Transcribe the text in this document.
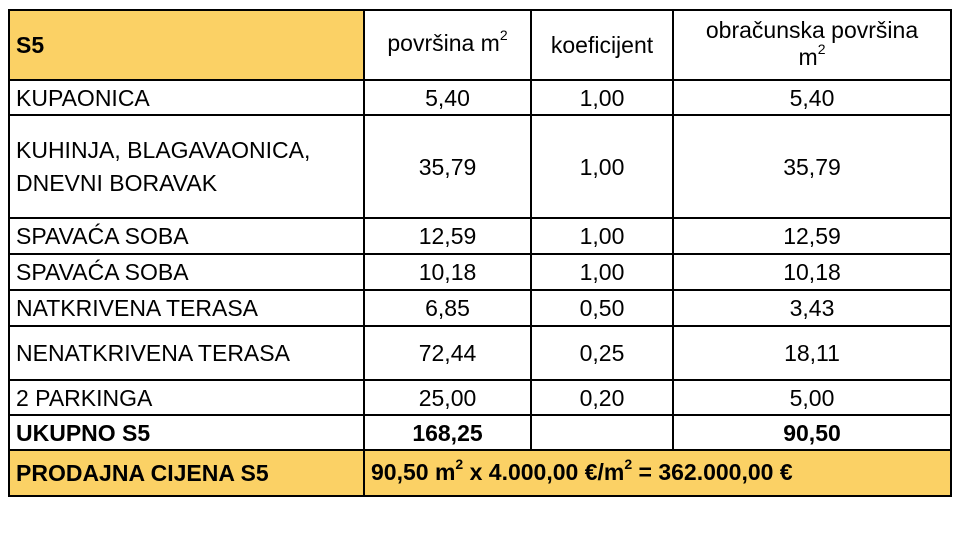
S5	površina $m^2$	koeficijent	obračunska površina
$m^2$
KUPAONICA	5,40	1,00	5,40
KUHINJA, BLAGAVAONICA, DNEVNI BORAVAK	35,79	1,00	35,79
SPAVAĆA SOBA	12,59	1,00	12,59
SPAVAĆA SOBA	10,18	1,00	10,18
NATKRIVENA TERASA	6,85	0,50	3,43
NENATKRIVENA TERASA	72,44	0,25	18,11
2 PARKINGA	25,00	0,20	5,00
UKUPNO S5	168,25		90,50
PRODAJNA CIJENA S5	90,50 $m^2$ x 4.000,00 $€/m^2 = 362.000,00$ €		
